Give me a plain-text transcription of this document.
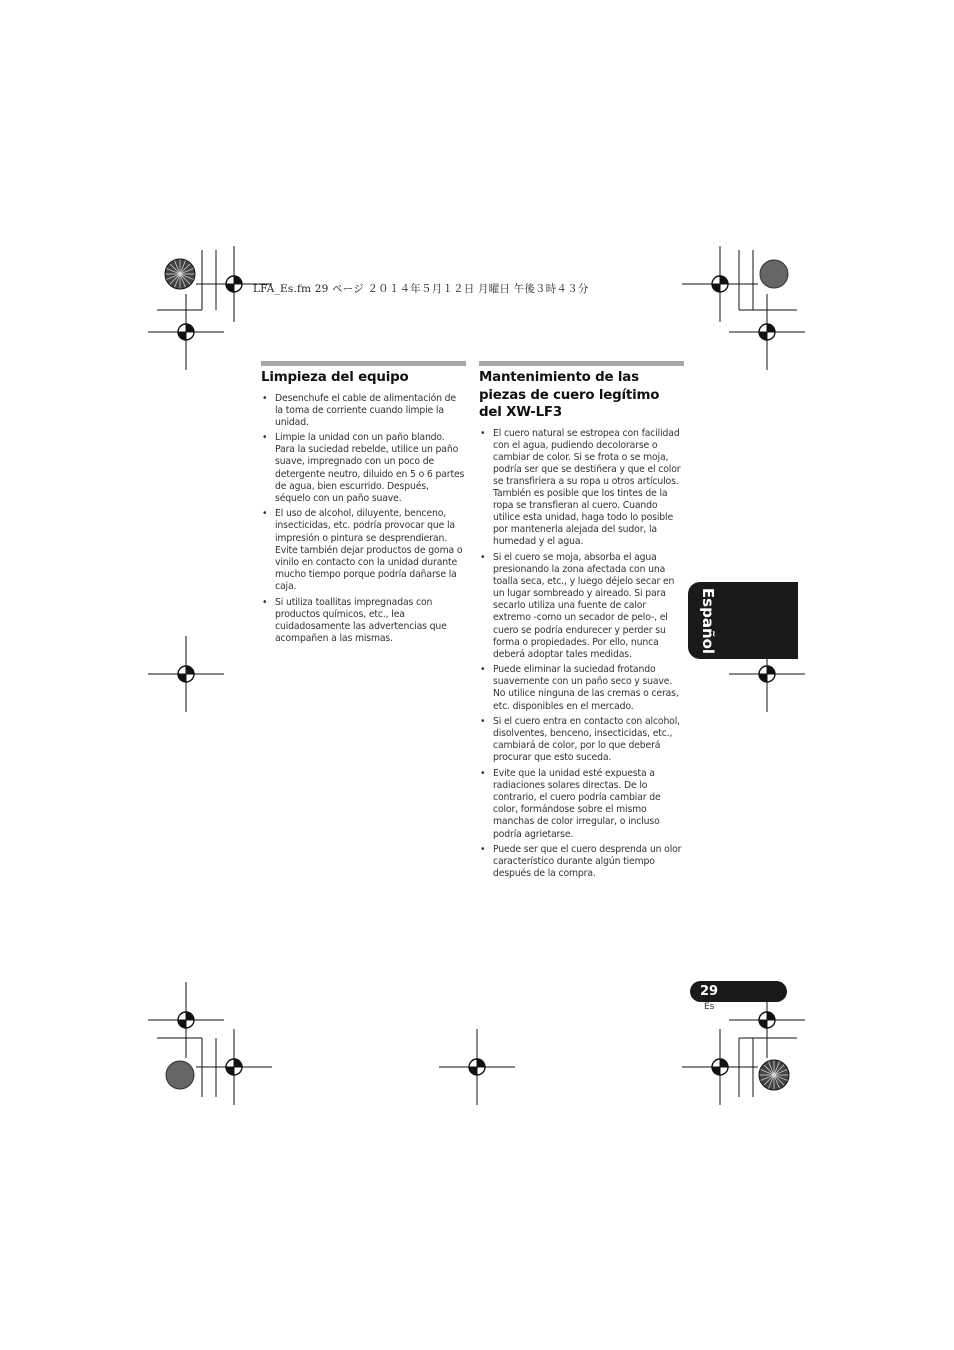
LFA_Es.fm 29 ページ ２０１４年５月１２日 月曜日 午後３時４３分
Limpieza del equipo
• Desenchufe el cable de alimentación de la toma de corriente cuando limpie la unidad.
• Limpie la unidad con un paño blando. Para la suciedad rebelde, utilice un paño suave, impregnado con un poco de detergente neutro, diluido en 5 o 6 partes de agua, bien escurrido. Después, séquelo con un paño suave.
• El uso de alcohol, diluyente, benceno, insecticidas, etc. podría provocar que la impresión o pintura se desprendieran. Evite también dejar productos de goma o vinilo en contacto con la unidad durante mucho tiempo porque podría dañarse la caja.
• Si utiliza toallitas impregnadas con productos químicos, etc., lea cuidadosamente las advertencias que acompañen a las mismas.
Mantenimiento de las piezas de cuero legítimo del XW-LF3
• El cuero natural se estropea con facilidad con el agua, pudiendo decolorarse o cambiar de color. Si se frota o se moja, podría ser que se destiñera y que el color se transfiriera a su ropa u otros artículos. También es posible que los tintes de la ropa se transfieran al cuero. Cuando utilice esta unidad, haga todo lo posible por mantenerla alejada del sudor, la humedad y el agua.
• Si el cuero se moja, absorba el agua presionando la zona afectada con una toalla seca, etc., y luego déjelo secar en un lugar sombreado y aireado. Si para secarlo utiliza una fuente de calor extremo -como un secador de pelo-, el cuero se podría endurecer y perder su forma o propiedades. Por ello, nunca deberá adoptar tales medidas.
• Puede eliminar la suciedad frotando suavemente con un paño seco y suave. No utilice ninguna de las cremas o ceras, etc. disponibles en el mercado.
• Si el cuero entra en contacto con alcohol, disolventes, benceno, insecticidas, etc., cambiará de color, por lo que deberá procurar que esto suceda.
• Evite que la unidad esté expuesta a radiaciones solares directas. De lo contrario, el cuero podría cambiar de color, formándose sobre el mismo manchas de color irregular, o incluso podría agrietarse.
• Puede ser que el cuero desprenda un olor característico durante algún tiempo después de la compra.
Español
29
Es
